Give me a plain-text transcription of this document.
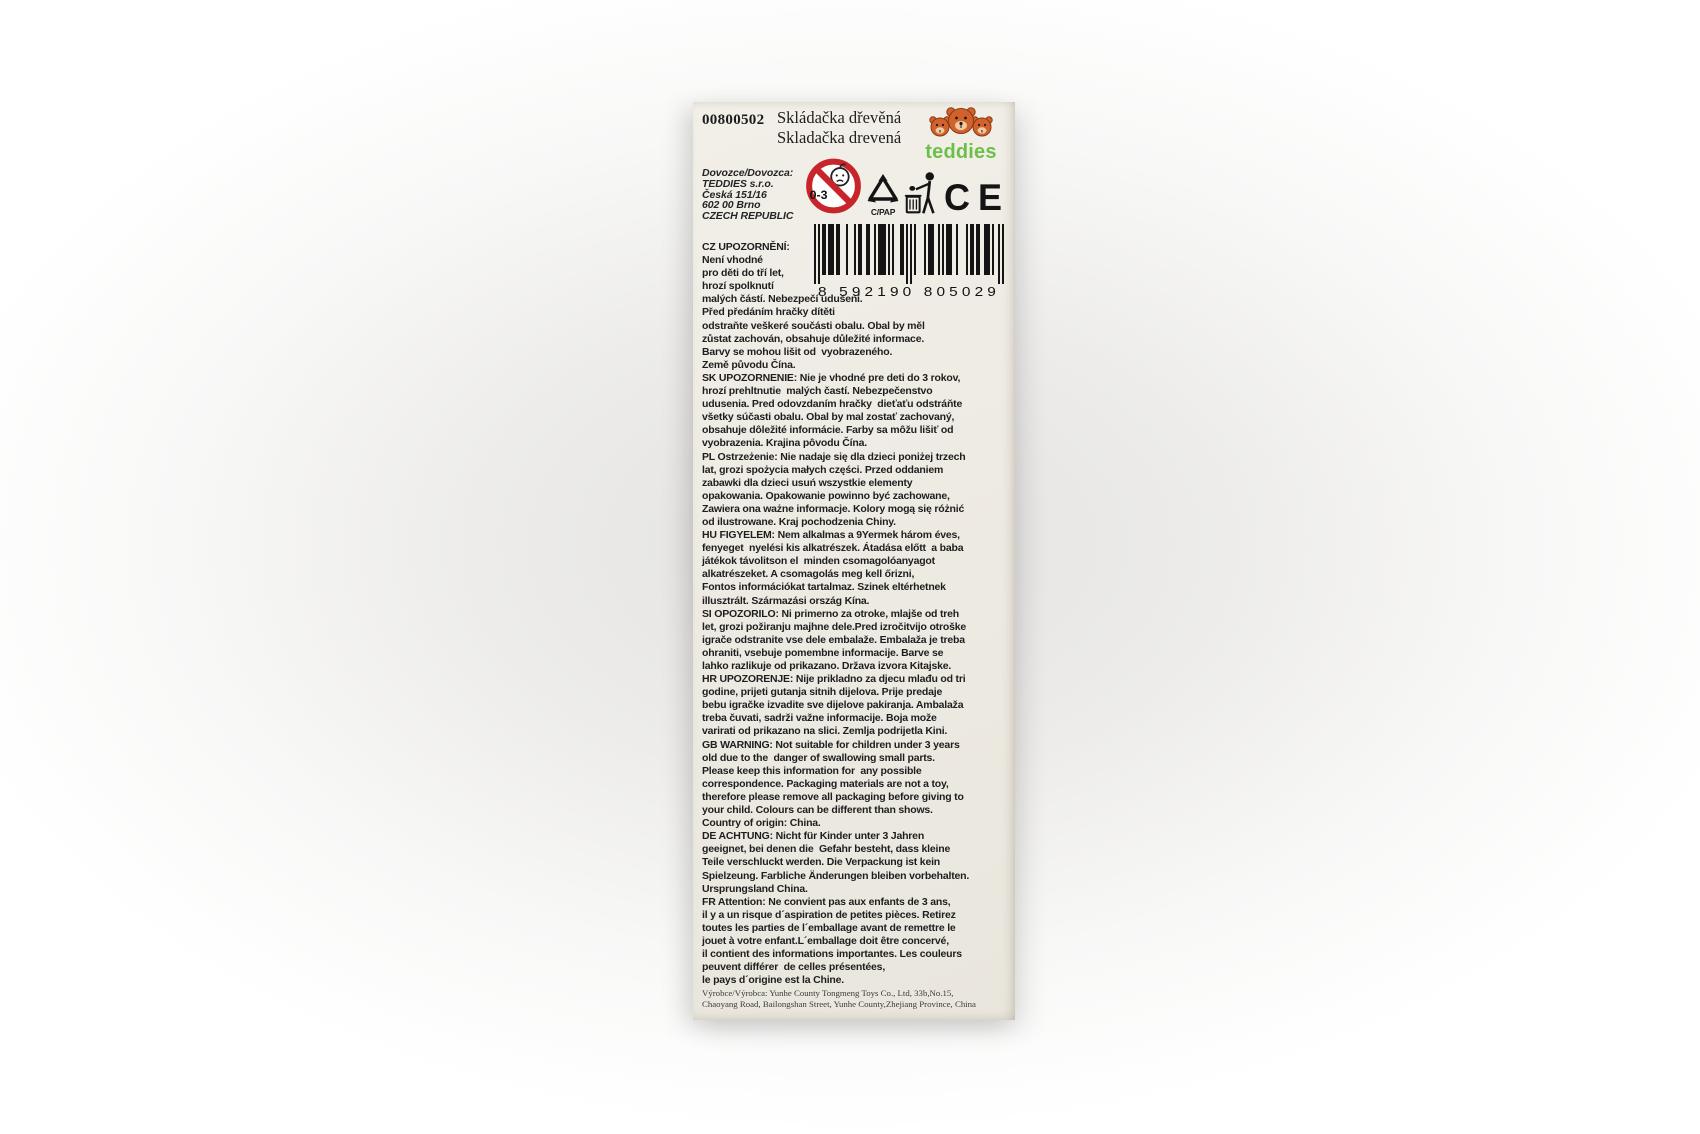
00800502 Skládačka dřevěná
Skladačka drevená
teddies
Dovozce/Dovozca:
TEDDIES s.r.o.
Česká 151/16
602 00 Brno
CZECH REPUBLIC
0-3
C/PAP CE
8 592190 805029
CZ UPOZORNĚNÍ:
Není vhodné
pro děti do tří let,
hrozí spolknutí
malých částí. Nebezpečí udušení.
Před předáním hračky dítěti
odstraňte veškeré součásti obalu. Obal by měl
zůstat zachován, obsahuje důležité informace.
Barvy se mohou lišit od  vyobrazeného.
Země původu Čína.
SK UPOZORNENIE: Nie je vhodné pre deti do 3 rokov,
hrozí prehltnutie  malých častí. Nebezpečenstvo
udusenia. Pred odovzdaním hračky  dieťaťu odstráňte
všetky súčasti obalu. Obal by mal zostať zachovaný,
obsahuje dôležité informácie. Farby sa môžu lišiť od
vyobrazenia. Krajina pôvodu Čína.
PL Ostrzeżenie: Nie nadaje się dla dzieci poniżej trzech
lat, grozi spożycia małych części. Przed oddaniem
zabawki dla dzieci usuń wszystkie elementy
opakowania. Opakowanie powinno być zachowane,
Zawiera ona ważne informacje. Kolory mogą się różnić
od ilustrowane. Kraj pochodzenia Chiny.
HU FIGYELEM: Nem alkalmas a 9Yermek három éves,
fenyeget  nyelési kis alkatrészek. Átadása előtt  a baba
játékok távolitson el  minden csomagolóanyagot
alkatrészeket. A csomagolás meg kell őrizni,
Fontos információkat tartalmaz. Szinek eltérhetnek
illusztrált. Származási ország Kína.
SI OPOZORILO: Ni primerno za otroke, mlajše od treh
let, grozi požiranju majhne dele.Pred izročitvijo otroške
igrače odstranite vse dele embalaže. Embalaža je treba
ohraniti, vsebuje pomembne informacije. Barve se
lahko razlikuje od prikazano. Država izvora Kitajske.
HR UPOZORENJE: Nije prikladno za djecu mlađu od tri
godine, prijeti gutanja sitnih dijelova. Prije predaje
bebu igračke izvadite sve dijelove pakiranja. Ambalaža
treba čuvati, sadrži važne informacije. Boja može
varirati od prikazano na slici. Zemlja podrijetla Kini.
GB WARNING: Not suitable for children under 3 years
old due to the  danger of swallowing small parts.
Please keep this information for  any possible
correspondence. Packaging materials are not a toy,
therefore please remove all packaging before giving to
your child. Colours can be different than shows.
Country of origin: China.
DE ACHTUNG: Nicht für Kinder unter 3 Jahren
geeignet, bei denen die  Gefahr besteht, dass kleine
Teile verschluckt werden. Die Verpackung ist kein
Spielzeung. Farbliche Änderungen bleiben vorbehalten.
Ursprungsland China.
FR Attention: Ne convient pas aux enfants de 3 ans,
il y a un risque d´aspiration de petites pièces. Retirez
toutes les parties de l´emballage avant de remettre le
jouet à votre enfant.L´emballage doit être concervé,
il contient des informations importantes. Les couleurs
peuvent différer  de celles présentées,
le pays d´origine est la Chine.
Výrobce/Výrobca: Yunhe County Tongmeng Toys Co., Ltd, 33b,No.15,
Chaoyang Road, Bailongshan Street, Yunhe County,Zhejiang Province, China
